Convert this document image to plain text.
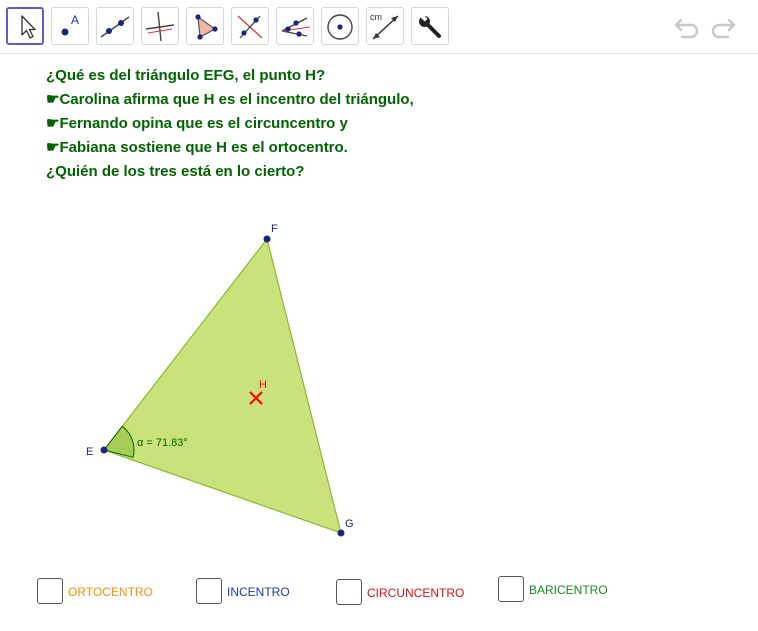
A	cm
¿Qué es del triángulo EFG, el punto H?
☛Carolina afirma que H es el incentro del triángulo,
☛Fernando opina que es el circuncentro y
☛Fabiana sostiene que H es el ortocentro.
¿Quién de los tres está en lo cierto?
α = 71.83°
H
E
F
G
ORTOCENTRO	INCENTRO	CIRCUNCENTRO	BARICENTRO
